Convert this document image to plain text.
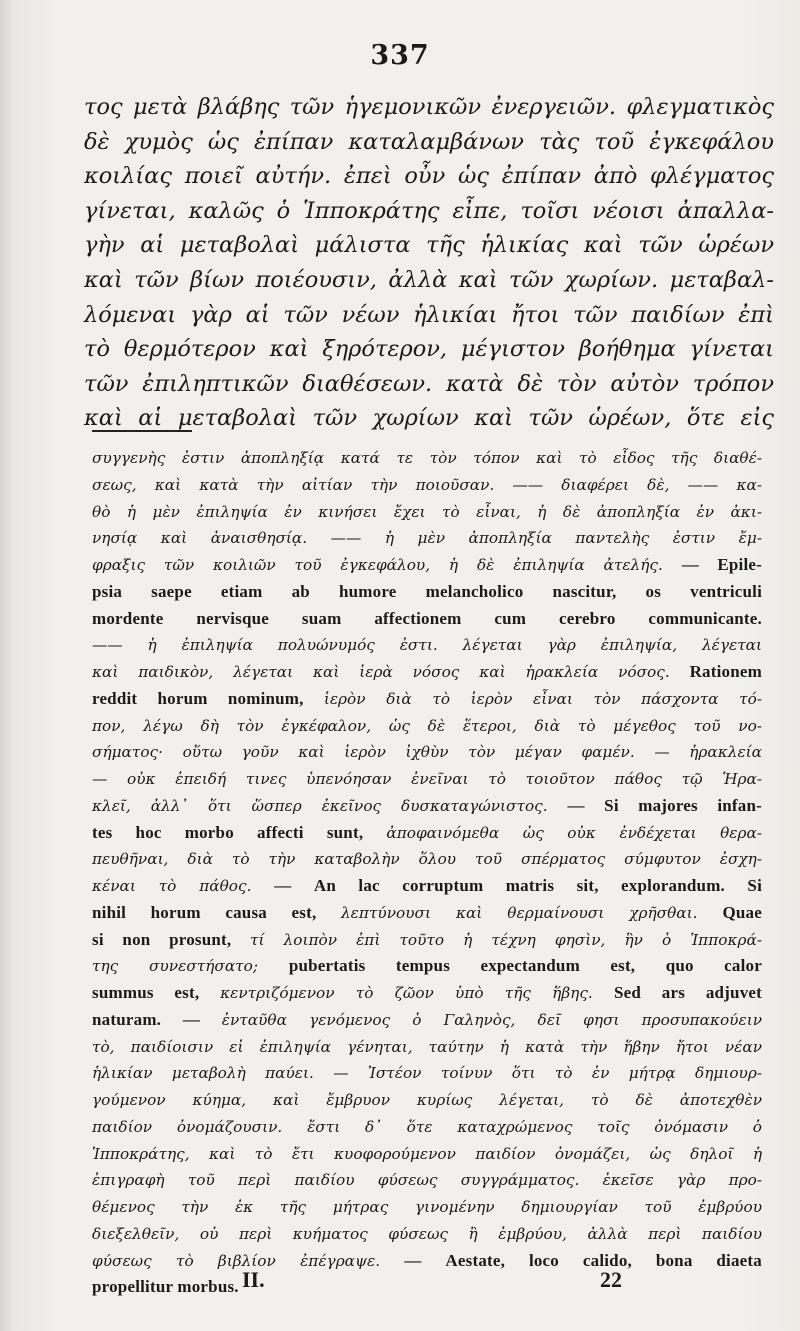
337
τος μετὰ βλάβης τῶν ἡγεμονικῶν ἐνεργειῶν. φλεγματικὸς
δὲ χυμὸς ὡς ἐπίπαν καταλαμβάνων τὰς τοῦ ἐγκεφάλου
κοιλίας ποιεῖ αὐτήν. ἐπεὶ οὖν ὡς ἐπίπαν ἀπὸ φλέγματος
γίνεται, καλῶς ὁ Ἱπποκράτης εἶπε, τοῖσι νέοισι ἀπαλλα-
γὴν αἱ μεταβολαὶ μάλιστα τῆς ἡλικίας καὶ τῶν ὡρέων
καὶ τῶν βίων ποιέουσιν, ἀλλὰ καὶ τῶν χωρίων. μεταβαλ-
λόμεναι γὰρ αἱ τῶν νέων ἡλικίαι ἤτοι τῶν παιδίων ἐπὶ
τὸ θερμότερον καὶ ξηρότερον, μέγιστον βοήθημα γίνεται
τῶν ἐπιληπτικῶν διαθέσεων. κατὰ δὲ τὸν αὐτὸν τρόπον
καὶ αἱ μεταβολαὶ τῶν χωρίων καὶ τῶν ὡρέων, ὅτε εἰς
συγγενὴς ἐστιν ἀποπληξίᾳ κατά τε τὸν τόπον καὶ τὸ εἶδος τῆς διαθέ-
σεως, καὶ κατὰ τὴν αἰτίαν τὴν ποιοῦσαν. —— διαφέρει δὲ, —— κα-
θὸ ἡ μὲν ἐπιληψία ἐν κινήσει ἔχει τὸ εἶναι, ἡ δὲ ἀποπληξία ἐν ἀκι-
νησίᾳ καὶ ἀναισθησίᾳ. —— ἡ μὲν ἀποπληξία παντελὴς ἐστιν ἔμ-
φραξις τῶν κοιλιῶν τοῦ ἐγκεφάλου, ἡ δὲ ἐπιληψία ἀτελής. — Epile-
psia saepe etiam ab humore melancholico nascitur, os ventriculi
mordente nervisque suam affectionem cum cerebro communicante.
—— ἡ ἐπιληψία πολυώνυμός ἐστι. λέγεται γὰρ ἐπιληψία, λέγεται
καὶ παιδικὸν, λέγεται καὶ ἱερὰ νόσος καὶ ἡρακλεία νόσος. Rationem
reddit horum nominum, ἱερὸν διὰ τὸ ἱερὸν εἶναι τὸν πάσχοντα τό-
πον, λέγω δὴ τὸν ἐγκέφαλον, ὡς δὲ ἕτεροι, διὰ τὸ μέγεθος τοῦ νο-
σήματος· οὕτω γοῦν καὶ ἱερὸν ἰχθὺν τὸν μέγαν φαμέν. — ἡρακλεία
— οὐκ ἐπειδή τινες ὑπενόησαν ἐνεῖναι τὸ τοιοῦτον πάθος τῷ Ἡρα-
κλεῖ, ἀλλ᾽ ὅτι ὥσπερ ἐκεῖνος δυσκαταγώνιστος. — Si majores infan-
tes hoc morbo affecti sunt, ἀποφαινόμεθα ὡς οὐκ ἐνδέχεται θερα-
πευθῆναι, διὰ τὸ τὴν καταβολὴν ὅλου τοῦ σπέρματος σύμφυτον ἐσχη-
κέναι τὸ πάθος. — An lac corruptum matris sit, explorandum. Si
nihil horum causa est, λεπτύνουσι καὶ θερμαίνουσι χρῆσθαι. Quae
si non prosunt, τί λοιπὸν ἐπὶ τοῦτο ἡ τέχνη φησὶν, ἣν ὁ Ἱπποκρά-
της συνεστήσατο; pubertatis tempus expectandum est, quo calor
summus est, κεντριζόμενον τὸ ζῶον ὑπὸ τῆς ἥβης. Sed ars adjuvet
naturam. — ἐνταῦθα γενόμενος ὁ Γαληνὸς, δεῖ φησι προσυπακούειν
τὸ, παιδίοισιν εἰ ἐπιληψία γένηται, ταύτην ἡ κατὰ τὴν ἥβην ἤτοι νέαν
ἡλικίαν μεταβολὴ παύει. — Ἰστέον τοίνυν ὅτι τὸ ἐν μήτρᾳ δημιουρ-
γούμενον κύημα, καὶ ἔμβρυον κυρίως λέγεται, τὸ δὲ ἀποτεχθὲν
παιδίον ὀνομάζουσιν. ἔστι δ᾽ ὅτε καταχρώμενος τοῖς ὀνόμασιν ὁ
Ἱπποκράτης, καὶ τὸ ἔτι κυοφορούμενον παιδίον ὀνομάζει, ὡς δηλοῖ ἡ
ἐπιγραφὴ τοῦ περὶ παιδίου φύσεως συγγράμματος. ἐκεῖσε γὰρ προ-
θέμενος τὴν ἐκ τῆς μήτρας γινομένην δημιουργίαν τοῦ ἐμβρύου
διεξελθεῖν, οὐ περὶ κυήματος φύσεως ἢ ἐμβρύου, ἀλλὰ περὶ παιδίου
φύσεως τὸ βιβλίον ἐπέγραψε. — Aestate, loco calido, bona diaeta
propellitur morbus. II.	22
